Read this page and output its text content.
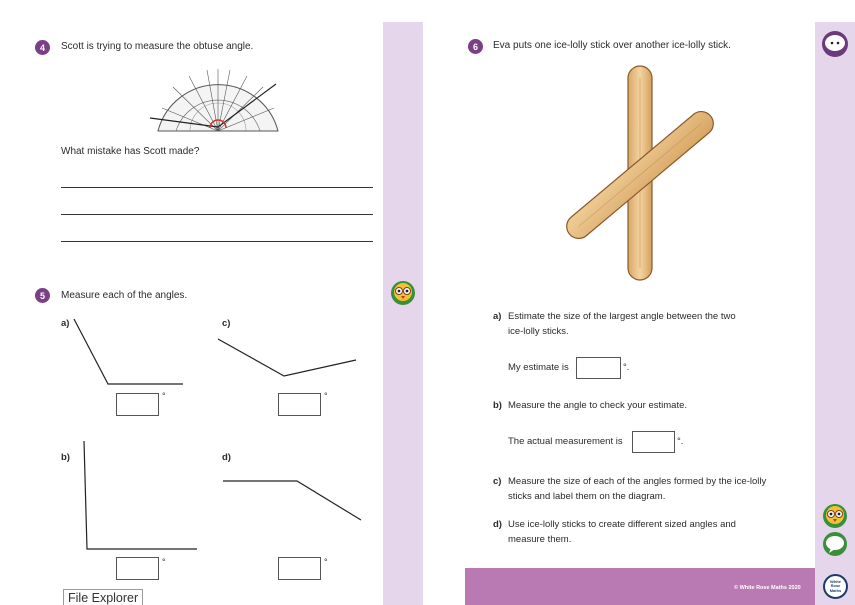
4 Scott is trying to measure the obtuse angle.
What mistake has Scott made?
5 Measure each of the angles.
a)
°
b)
°
c)
°
d)
°
File Explorer
6 Eva puts one ice-lolly stick over another ice-lolly stick.
a) Estimate the size of the largest angle between the two
ice-lolly sticks.
My estimate is	°.
b) Measure the angle to check your estimate.
The actual measurement is	°.
c) Measure the size of each of the angles formed by the ice-lolly
sticks and label them on the diagram.
d) Use ice-lolly sticks to create different sized angles and
measure them.
© White Rose Maths 2020
White Rose Maths
